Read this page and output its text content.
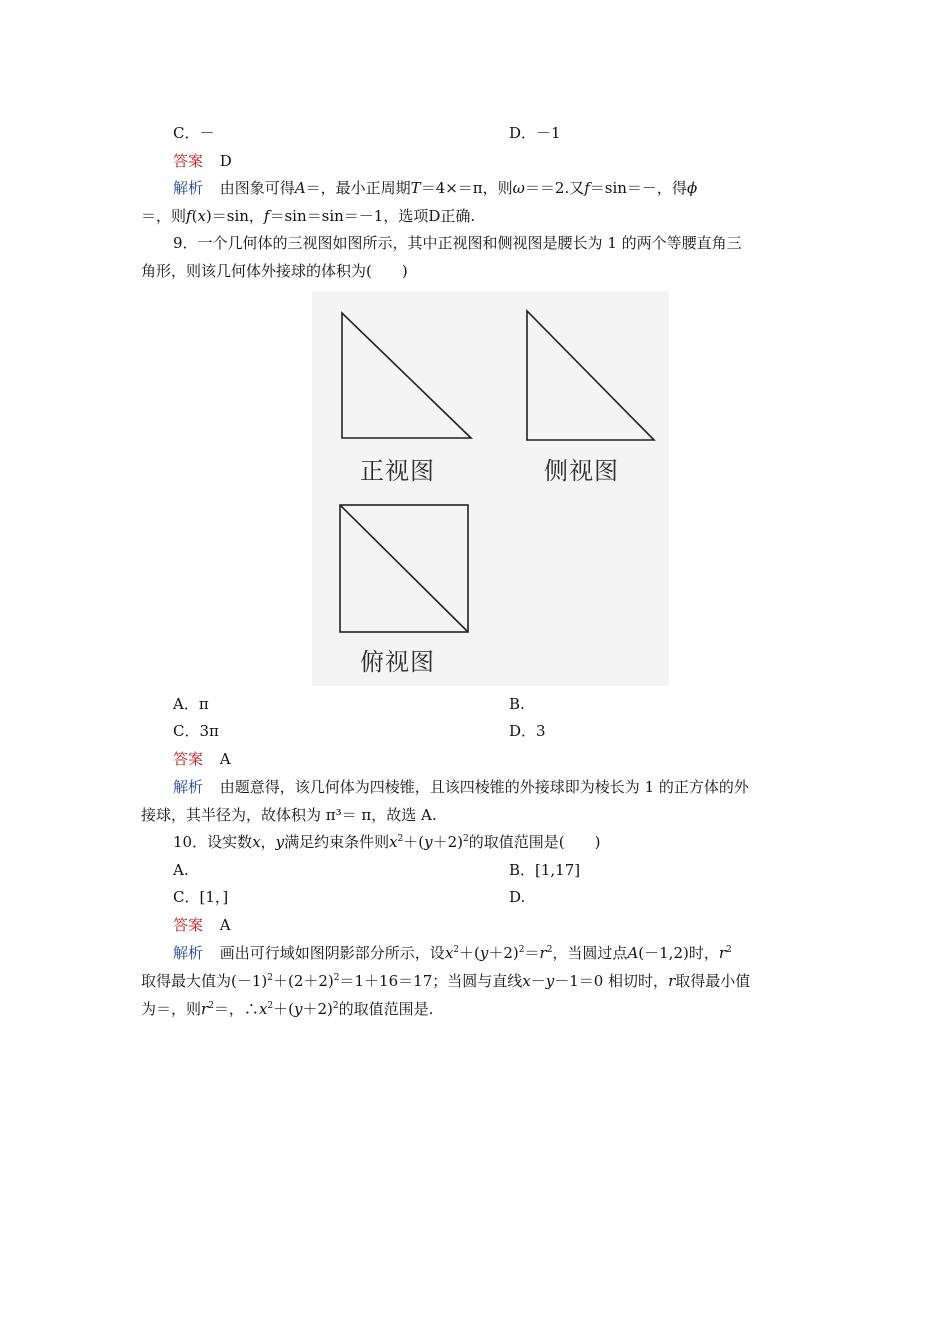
C．－	D．－1
答案 D
解析 由图象可得A＝，最小正周期T＝4×＝π，则ω＝＝2.又f＝sin＝－，得ϕ
＝，则f(x)＝sin，f＝sin＝sin＝－1，选项D正确.
9．一个几何体的三视图如图所示，其中正视图和侧视图是腰长为 1 的两个等腰直角三
角形，则该几何体外接球的体积为(　　)
正视图	侧视图
俯视图
A．π	B.
C．3π	D．3
答案 A
解析 由题意得，该几何体为四棱锥，且该四棱锥的外接球即为棱长为 1 的正方体的外
接球，其半径为，故体积为 π³＝ π，故选 A.
10．设实数x，y满足约束条件则$x^2+(y+2)^2$的取值范围是(　　)
A.	B．[1,17]
C．[1，]	D.
答案 A
解析 画出可行域如图阴影部分所示，设$x^2+(y+2)^2=r^2$，当圆过点A(－1,2)时，$r^2$
取得最大值为$(-1)^2+(2+2)^2=1+16=17$；当圆与直线x－y－1＝0 相切时，r取得最小值
为＝，则$r^2=$，$\therefore x^2+(y+2)^2$的取值范围是.
